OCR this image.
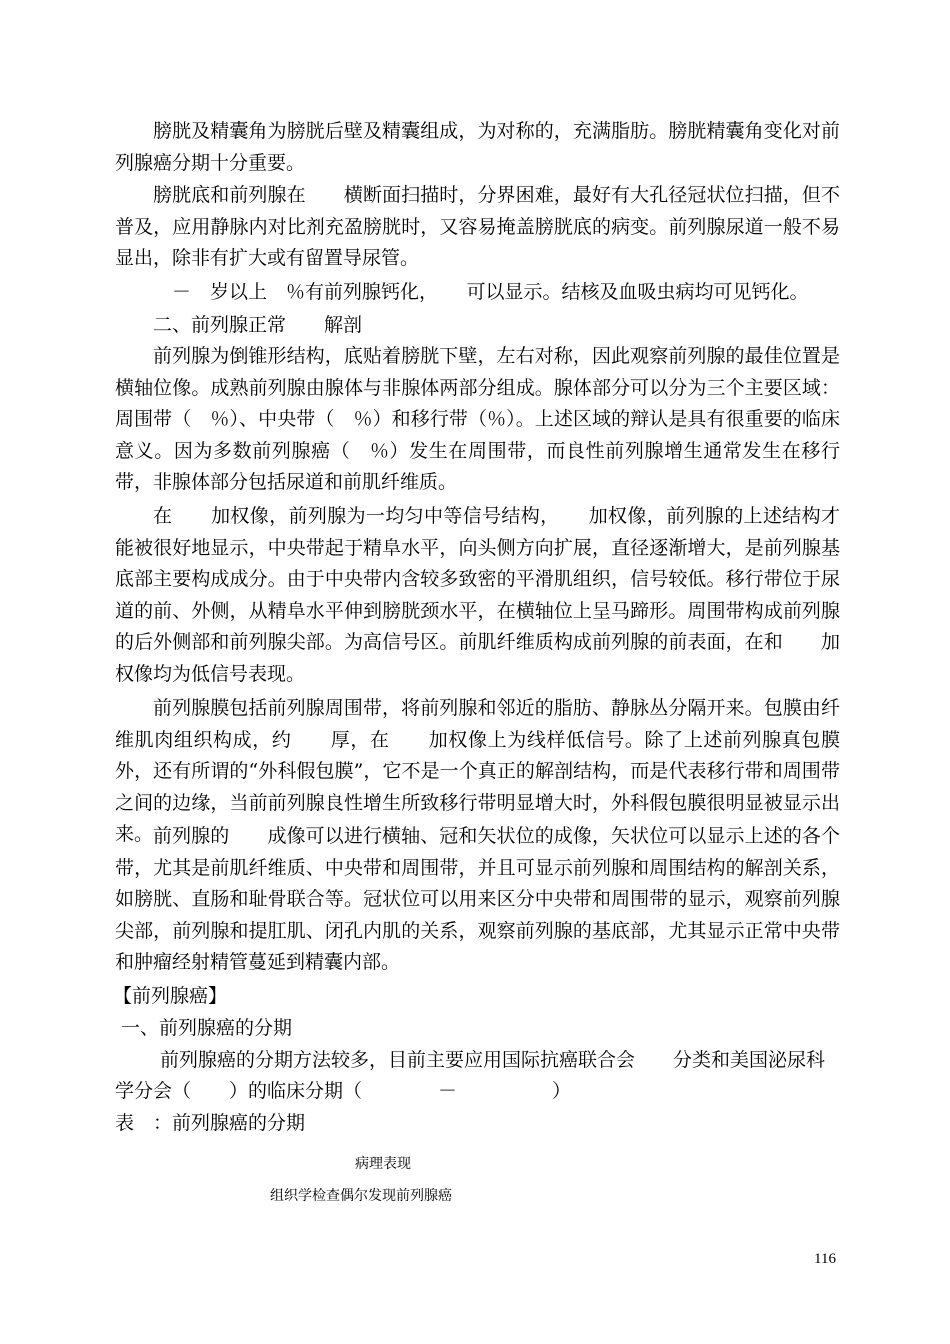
膀胱及精囊角为膀胱后壁及精囊组成，为对称的，充满脂肪。膀胱精囊角变化对前列腺癌分期十分重要。

膀胱底和前列腺在　　横断面扫描时，分界困难，最好有大孔径冠状位扫描，但不普及，应用静脉内对比剂充盈膀胱时，又容易掩盖膀胱底的病变。前列腺尿道一般不易显出，除非有扩大或有留置导尿管。

　－　岁以上　％有前列腺钙化，　　可以显示。结核及血吸虫病均可见钙化。

二、前列腺正常　　解剖

前列腺为倒锥形结构，底贴着膀胱下壁，左右对称，因此观察前列腺的最佳位置是横轴位像。成熟前列腺由腺体与非腺体两部分组成。腺体部分可以分为三个主要区域：周围带（　％）、中央带（　％）和移行带（％）。上述区域的辩认是具有很重要的临床意义。因为多数前列腺癌（　％）发生在周围带，而良性前列腺增生通常发生在移行带，非腺体部分包括尿道和前肌纤维质。

在　　加权像，前列腺为一均匀中等信号结构，　　加权像，前列腺的上述结构才能被很好地显示，中央带起于精阜水平，向头侧方向扩展，直径逐渐增大，是前列腺基底部主要构成成分。由于中央带内含较多致密的平滑肌组织，信号较低。移行带位于尿道的前、外侧，从精阜水平伸到膀胱颈水平，在横轴位上呈马蹄形。周围带构成前列腺的后外侧部和前列腺尖部。为高信号区。前肌纤维质构成前列腺的前表面，在和　　加权像均为低信号表现。

前列腺膜包括前列腺周围带，将前列腺和邻近的脂肪、静脉丛分隔开来。包膜由纤维肌肉组织构成，约　　厚，在　　加权像上为线样低信号。除了上述前列腺真包膜外，还有所谓的“外科假包膜”，它不是一个真正的解剖结构，而是代表移行带和周围带之间的边缘，当前前列腺良性增生所致移行带明显增大时，外科假包膜很明显被显示出来。 前列腺的　　成像可以进行横轴、冠和矢状位的成像，矢状位可以显示上述的各个带，尤其是前肌纤维质、中央带和周围带，并且可显示前列腺和周围结构的解剖关系，如膀胱、直肠和耻骨联合等。冠状位可以用来区分中央带和周围带的显示，观察前列腺尖部，前列腺和提肛肌、闭孔内肌的关系，观察前列腺的基底部，尤其显示正常中央带和肿瘤经射精管蔓延到精囊内部。

【前列腺癌】

一、前列腺癌的分期

前列腺癌的分期方法较多，目前主要应用国际抗癌联合会　　分类和美国泌尿科

学分会（　　）的临床分期（　　　　－　　　　　）

表　：前列腺癌的分期

病理表现
组织学检查偶尔发现前列腺癌
116
